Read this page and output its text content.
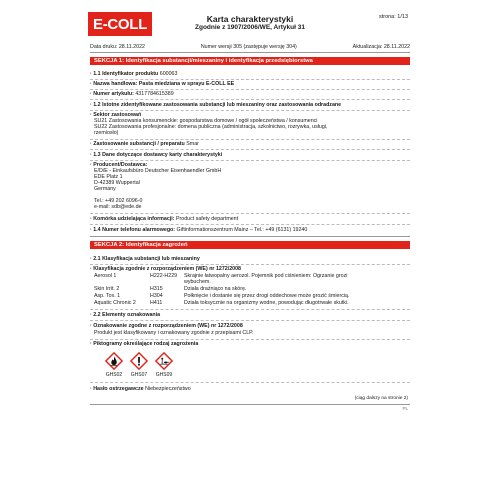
E-COLL	Karta charakterystyki
Zgodnie z 1907/2006/WE, Artykuł 31
strona: 1/13
Data druku: 28.11.2022	Numer wersji 305 (zastępuje wersję 304)	Aktualizacja: 28.11.2022
SEKCJA 1: Identyfikacja substancji/mieszaniny i identyfikacja przedsiębiorstwa
· 1.1 Identyfikator produktu 600063
· Nazwa handlowa: Pasta miedziana w sprayu E-COLL EE
· Numer artykułu: 4317784615389
· 1.2 Istotne zidentyfikowane zastosowania substancji lub mieszaniny oraz zastosowania odradzane
· Sektor zastosowań
SU21 Zastosowania konsumenckie: gospodarstwa domowe / ogół społeczeństwa / konsumenci
SU22 Zastosowania profesjonalne: domena publiczna (administracja, szkolnictwo, rozrywka, usługi,
rzemiosło)
· Zastosowanie substancji / preparatu Smar
· 1.3 Dane dotyczące dostawcy karty charakterystyki
· Producent/Dostawca:
E/D/E - Einkaufsbüro Deutscher Eisenhaendler GmbH
EDE Platz 1
D-42389 Wuppertal
Germany
Tel.: +49 202 6096-0
e-mail: sdb@ede.de
· Komórka udzielająca informacji: Product safety department
· 1.4 Numer telefonu alarmowego: Giftinformationszentrum Mainz – Tel.: +49 (6131) 19240
SEKCJA 2: Identyfikacja zagrożeń
· 2.1 Klasyfikacja substancji lub mieszaniny
· Klasyfikacja zgodnie z rozporządzeniem (WE) nr 1272/2008
Aerosol 1	H222-H229 Skrajnie łatwopalny aerozol. Pojemnik pod ciśnieniem: Ogrzanie grozi
wybuchem.
Skin Irrit. 2	H315	Działa drażniąco na skórę.
Asp. Tox. 1	H304	Połknięcie i dostanie się przez drogi oddechowe może grozić śmiercią.
Aquatic Chronic 2	H411	Działa toksycznie na organizmy wodne, powodując długotrwałe skutki.
· 2.2 Elementy oznakowania
· Oznakowanie zgodne z rozporządzeniem (WE) nr 1272/2008
Produkt jest klasyfikowany i oznakowany zgodnie z przepisami CLP.
· Piktogramy określające rodzaj zagrożenia
GHS02	GHS07	GHS09
· Hasło ostrzegawcze Niebezpieczeństwo
(ciąg dalszy na stronie 2)
PL
